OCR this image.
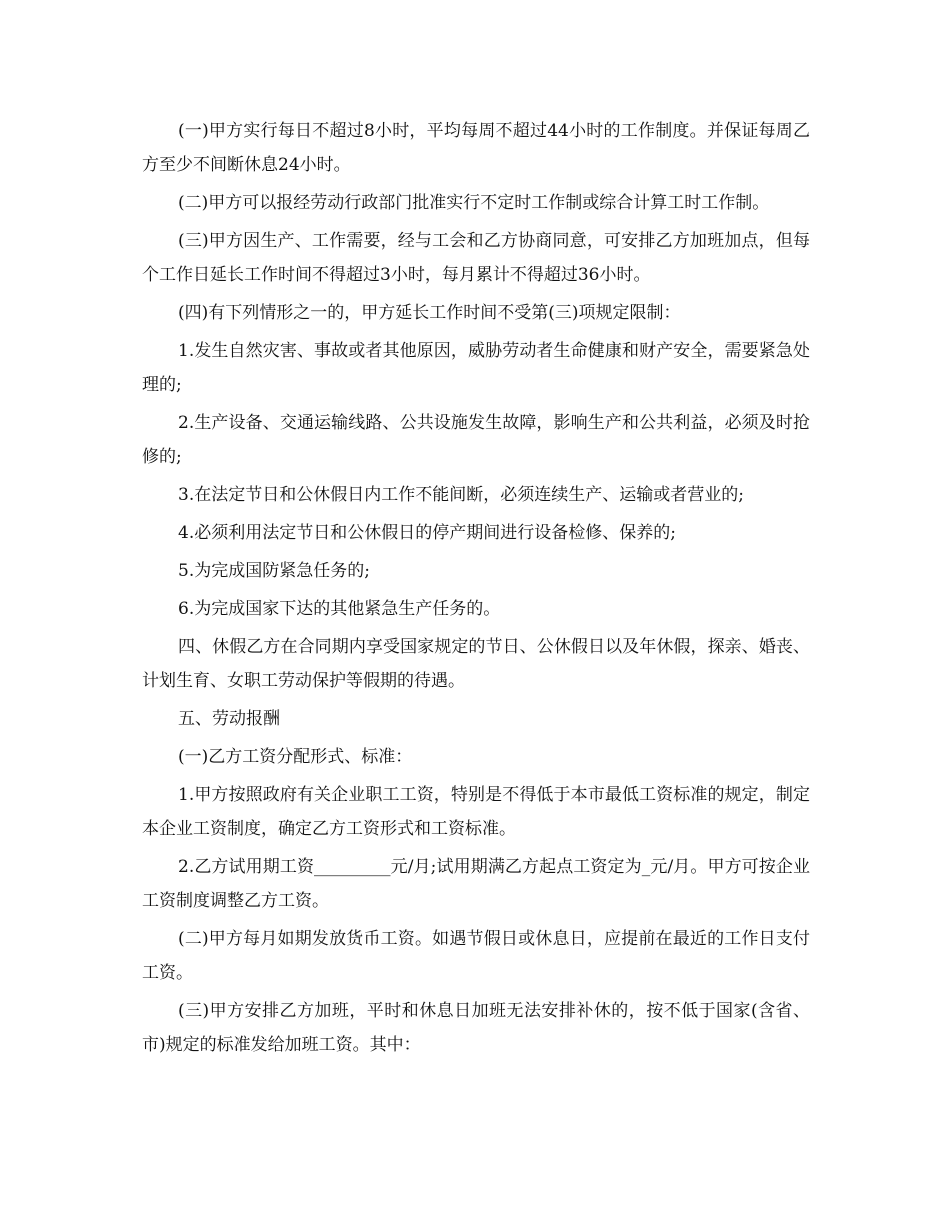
(一)甲方实行每日不超过8小时，平均每周不超过44小时的工作制度。并保证每周乙方至少不间断休息24小时。

(二)甲方可以报经劳动行政部门批准实行不定时工作制或综合计算工时工作制。

(三)甲方因生产、工作需要，经与工会和乙方协商同意，可安排乙方加班加点，但每个工作日延长工作时间不得超过3小时，每月累计不得超过36小时。

(四)有下列情形之一的，甲方延长工作时间不受第(三)项规定限制：

1.发生自然灾害、事故或者其他原因，威胁劳动者生命健康和财产安全，需要紧急处理的;

2.生产设备、交通运输线路、公共设施发生故障，影响生产和公共利益，必须及时抢修的;

3.在法定节日和公休假日内工作不能间断，必须连续生产、运输或者营业的;

4.必须利用法定节日和公休假日的停产期间进行设备检修、保养的;

5.为完成国防紧急任务的;

6.为完成国家下达的其他紧急生产任务的。

四、休假乙方在合同期内享受国家规定的节日、公休假日以及年休假，探亲、婚丧、计划生育、女职工劳动保护等假期的待遇。

五、劳动报酬

(一)乙方工资分配形式、标准：

1.甲方按照政府有关企业职工工资，特别是不得低于本市最低工资标准的规定，制定本企业工资制度，确定乙方工资形式和工资标准。

2.乙方试用期工资_________元/月;试用期满乙方起点工资定为_元/月。甲方可按企业工资制度调整乙方工资。

(二)甲方每月如期发放货币工资。如遇节假日或休息日，应提前在最近的工作日支付工资。

(三)甲方安排乙方加班，平时和休息日加班无法安排补休的，按不低于国家(含省、市)规定的标准发给加班工资。其中：
